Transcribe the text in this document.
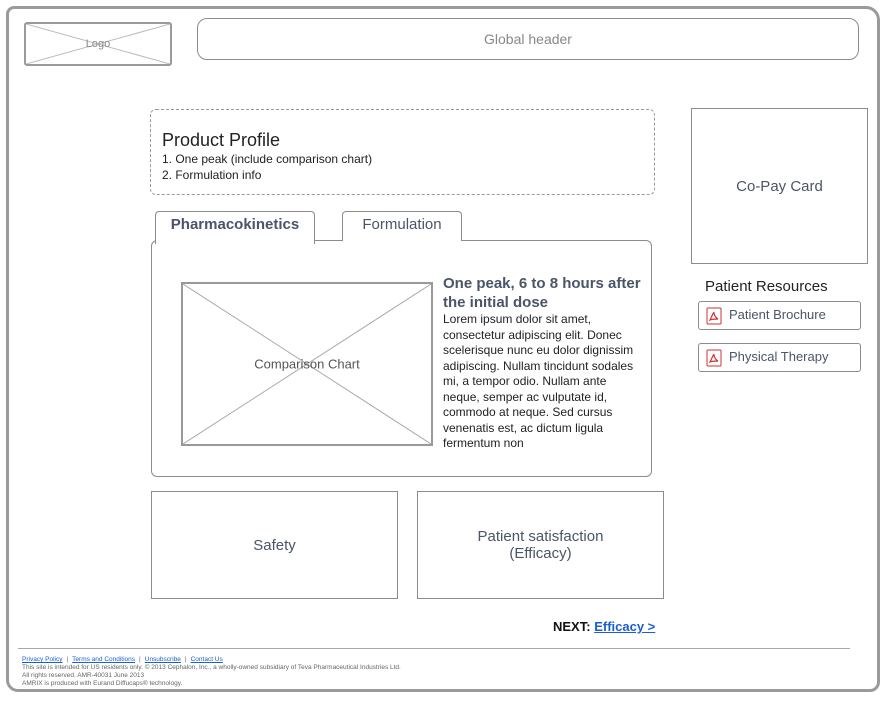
Logo	Global header
Product Profile
1. One peak (include comparison chart)
2. Formulation info
Pharmacokinetics	Formulation
Comparison Chart
One peak, 6 to 8 hours after the initial dose
Lorem ipsum dolor sit amet, consectetur adipiscing elit. Donec scelerisque nunc eu dolor dignissim adipiscing. Nullam tincidunt sodales mi, a tempor odio. Nullam ante neque, semper ac vulputate id, commodo at neque. Sed cursus venenatis est, ac dictum ligula fermentum non
Co-Pay Card
Patient Resources
Patient Brochure
Physical Therapy
Safety	Patient satisfaction
(Efficacy)
NEXT: Efficacy >
Privacy Policy | Terms and Conditions | Unsubscribe | Contact Us
This site is intended for US residents only. © 2013 Cephalon, Inc., a wholly-owned subsidiary of Teva Pharmaceutical Industries Ltd.
All rights reserved. AMR-40031 June 2013
AMRIX is produced with Eurand Diffucaps® technology.
